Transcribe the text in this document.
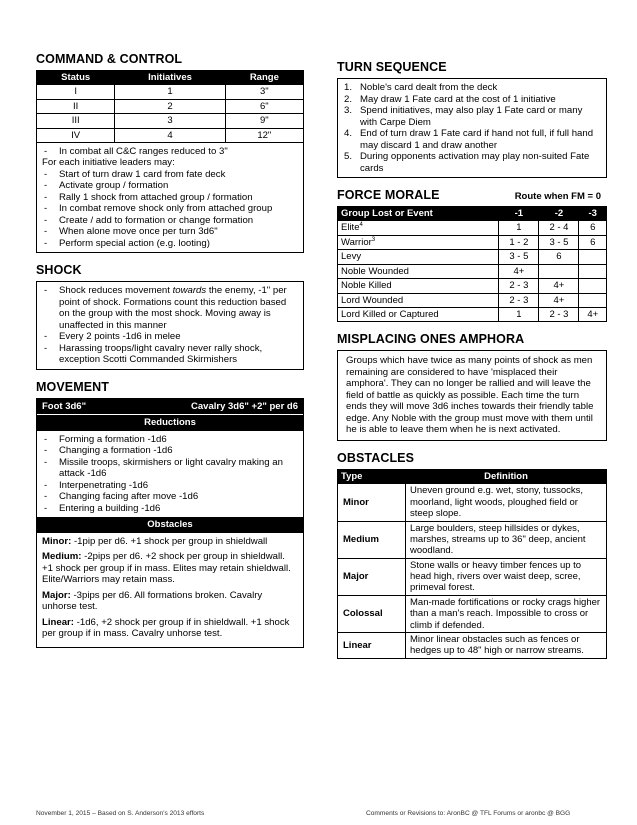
COMMAND & CONTROL
Status	Initiatives	Range
I	1	3"
II	2	6"
III	3	9"
IV	4	12"
- In combat all C&C ranges reduced to 3"
For each initiative leaders may:
- Start of turn draw 1 card from fate deck
- Activate group / formation
- Rally 1 shock from attached group / formation
- In combat remove shock only from attached group
- Create / add to formation or change formation
- When alone move once per turn 3d6"
- Perform special action (e.g. looting)
SHOCK
- Shock reduces movement towards the enemy, -1" per point of shock. Formations count this reduction based on the group with the most shock. Moving away is unaffected in this manner
- Every 2 points -1d6 in melee
- Harassing troops/light cavalry never rally shock, exception Scotti Commanded Skirmishers
MOVEMENT
Foot 3d6"	Cavalry 3d6" +2" per d6
Reductions
- Forming a formation -1d6
- Changing a formation -1d6
- Missile troops, skirmishers or light cavalry making an attack -1d6
- Interpenetrating -1d6
- Changing facing after move -1d6
- Entering a building -1d6
Obstacles

Minor: -1pip per d6. +1 shock per group in shieldwall

Medium: -2pips per d6. +2 shock per group in shieldwall. +1 shock per group if in mass. Elites may retain shieldwall. Elite/Warriors may retain mass.

Major: -3pips per d6. All formations broken. Cavalry unhorse test.

Linear: -1d6, +2 shock per group if in shieldwall. +1 shock per group if in mass. Cavalry unhorse test.

TURN SEQUENCE
1. Noble's card dealt from the deck
2. May draw 1 Fate card at the cost of 1 initiative
3. Spend initiatives, may also play 1 Fate card or many with Carpe Diem
4. End of turn draw 1 Fate card if hand not full, if full hand may discard 1 and draw another
5. During opponents activation may play non-suited Fate cards
FORCE MORALE	Route when FM = 0
Group Lost or Event	-1	-2	-3
Elite$^4$	1	2 - 4	6
Warrior$^3$	1 - 2	3 - 5	6
Levy	3 - 5	6	
Noble Wounded	4+		
Noble Killed	2 - 3	4+	
Lord Wounded	2 - 3	4+	
Lord Killed or Captured	1	2 - 3	4+
MISPLACING ONES AMPHORA

Groups which have twice as many points of shock as men remaining are considered to have 'misplaced their amphora'. They can no longer be rallied and will leave the field of battle as quickly as possible. Each time the turn ends they will move 3d6 inches towards their friendly table edge. Any Noble with the group must move with them until he is able to leave them when he is next activated.

OBSTACLES
Type	Definition
Minor	Uneven ground e.g. wet, stony, tussocks, moorland, light woods, ploughed field or steep slope.
Medium	Large boulders, steep hillsides or dykes, marshes, streams up to 36" deep, ancient woodland.
Major	Stone walls or heavy timber fences up to head high, rivers over waist deep, scree, primeval forest.
Colossal	Man-made fortifications or rocky crags higher than a man's reach. Impossible to cross or climb if defended.
Linear	Minor linear obstacles such as fences or hedges up to 48" high or narrow streams.
November 1, 2015 – Based on S. Anderson's 2013 efforts	Comments or Revisions to: AronBC @ TFL Forums or aronbc @ BGG
